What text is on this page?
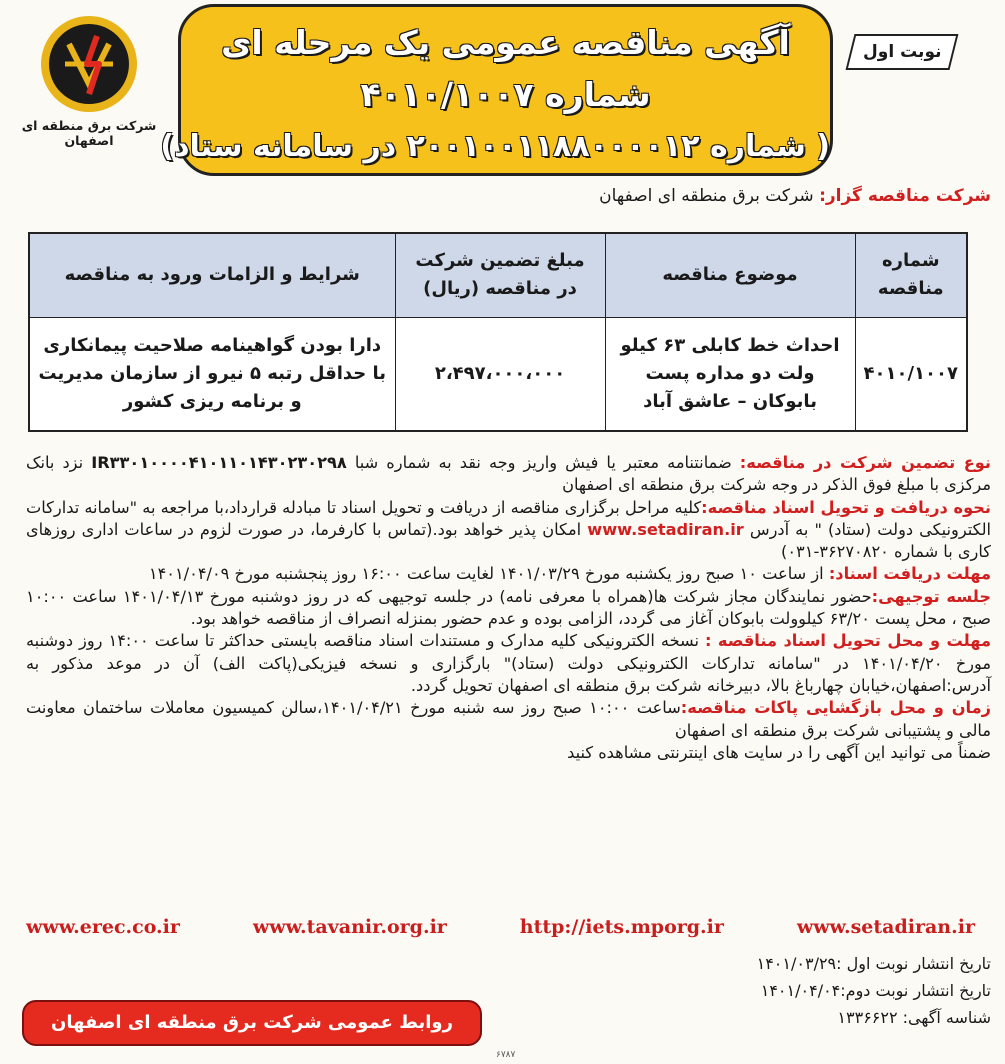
آگهی مناقصه عمومی یک مرحله ای
شماره ۴۰۱۰/۱۰۰۷
( شماره ۲۰۰۱۰۰۱۱۸۸۰۰۰۰۱۲ در سامانه ستاد)
نوبت اول
شرکت برق منطقه ای اصفهان
شرکت مناقصه گزار: شرکت برق منطقه ای اصفهان
شماره مناقصه	موضوع مناقصه	مبلغ تضمین شرکت در مناقصه (ریال)	شرایط و الزامات ورود به مناقصه
۴۰۱۰/۱۰۰۷	احداث خط کابلی ۶۳ کیلو ولت دو مداره پست بابوکان – عاشق آباد	۲،۴۹۷،۰۰۰،۰۰۰	دارا بودن گواهینامه صلاحیت پیمانکاری با حداقل رتبه ۵ نیرو از سازمان مدیریت و برنامه ریزی کشور
نوع تضمین شرکت در مناقصه: ضمانتنامه معتبر یا فیش واریز وجه نقد به شماره شبا IR۳۳۰۱۰۰۰۰۴۱۰۱۱۰۱۴۳۰۲۳۰۲۹۸ نزد بانک مرکزی با مبلغ فوق الذکر در وجه شرکت برق منطقه ای اصفهان
نحوه دریافت و تحویل اسناد مناقصه:کلیه مراحل برگزاری مناقصه از دریافت و تحویل اسناد تا مبادله قرارداد،با مراجعه به "سامانه تدارکات الکترونیکی دولت (ستاد) " به آدرس www.setadiran.ir امکان پذیر خواهد بود.(تماس با کارفرما، در صورت لزوم در ساعات اداری روزهای کاری با شماره ۳۶۲۷۰۸۲۰-۰۳۱)
مهلت دریافت اسناد: از ساعت ۱۰ صبح روز یکشنبه مورخ ۱۴۰۱/۰۳/۲۹ لغایت ساعت ۱۶:۰۰ روز پنجشنبه مورخ ۱۴۰۱/۰۴/۰۹
جلسه توجیهی:حضور نمایندگان مجاز شرکت ها(همراه با معرفی نامه) در جلسه توجیهی که در روز دوشنبه مورخ ۱۴۰۱/۰۴/۱۳ ساعت ۱۰:۰۰ صبح ، محل پست ۶۳/۲۰ کیلوولت بابوکان آغاز می گردد، الزامی بوده و عدم حضور بمنزله انصراف از مناقصه خواهد بود.
مهلت و محل تحویل اسناد مناقصه : نسخه الکترونیکی کلیه مدارک و مستندات اسناد مناقصه بایستی حداکثر تا ساعت ۱۴:۰۰ روز دوشنبه مورخ ۱۴۰۱/۰۴/۲۰ در "سامانه تدارکات الکترونیکی دولت (ستاد)" بارگزاری و نسخه فیزیکی(پاکت الف) آن در موعد مذکور به آدرس:اصفهان،خیابان چهارباغ بالا، دبیرخانه شرکت برق منطقه ای اصفهان تحویل گردد.
زمان و محل بازگشایی پاکات مناقصه:ساعت ۱۰:۰۰ صبح روز سه شنبه مورخ ۱۴۰۱/۰۴/۲۱،سالن کمیسیون معاملات ساختمان معاونت مالی و پشتیبانی شرکت برق منطقه ای اصفهان
ضمناً می توانید این آگهی را در سایت های اینترنتی مشاهده کنید
www.erec.co.ir	www.tavanir.org.ir	http://iets.mporg.ir	www.setadiran.ir
تاریخ انتشار نوبت اول :۱۴۰۱/۰۳/۲۹
تاریخ انتشار نوبت دوم:۱۴۰۱/۰۴/۰۴
شناسه آگهی: ۱۳۳۶۶۲۲
روابط عمومی شرکت برق منطقه ای اصفهان
۶۷۸۷
